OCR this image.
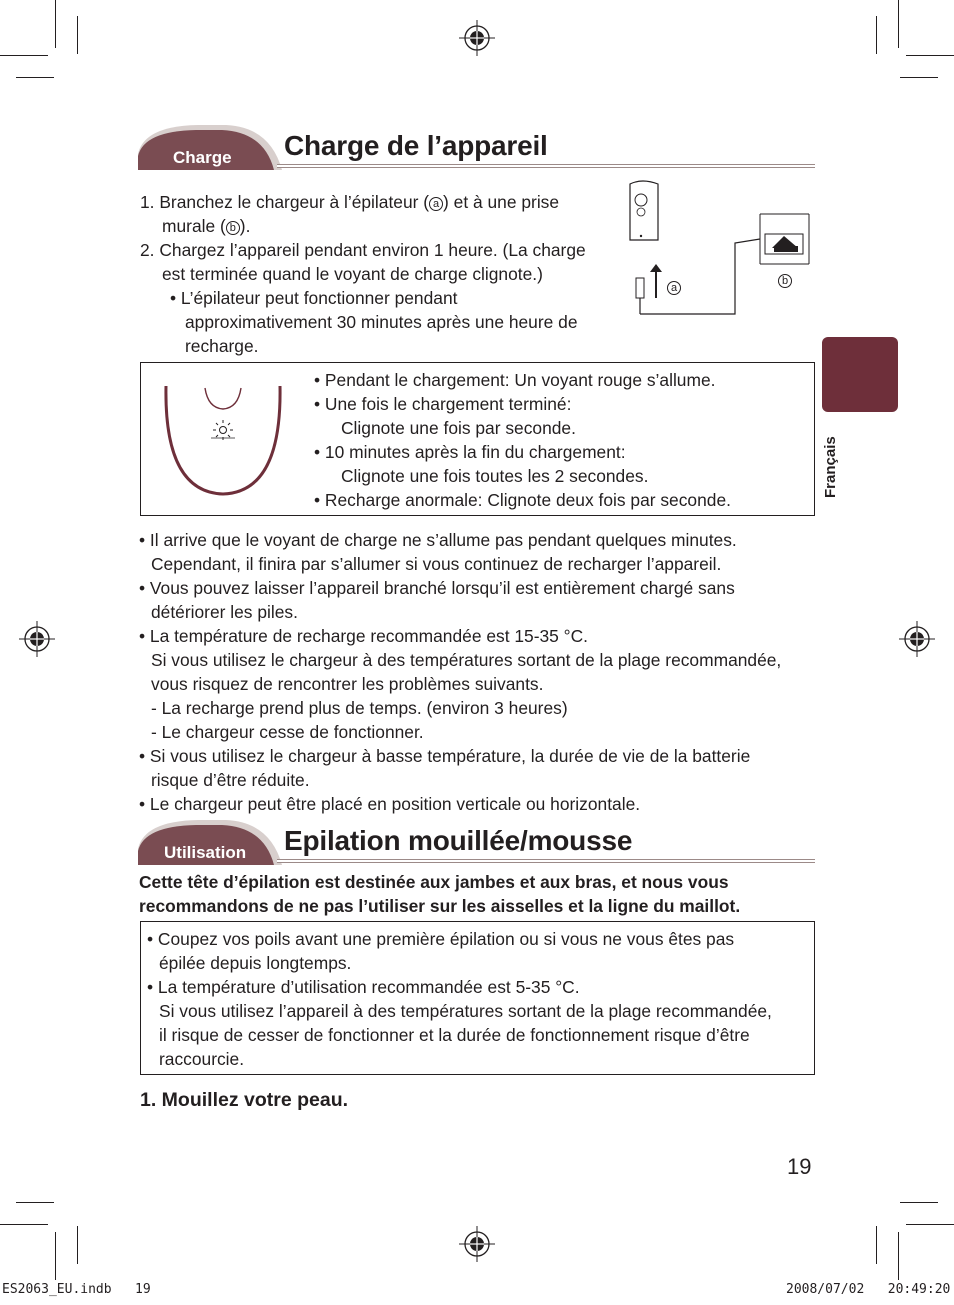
Charge Charge de l’appareil
1. Branchez le chargeur à l’épilateur ( a ) et à une prise
murale ( b ).
2. Chargez l’appareil pendant environ 1 heure. (La charge
est terminée quand le voyant de charge clignote.)
• L’épilateur peut fonctionner pendant
approximativement 30 minutes après une heure de
recharge.
a
b
• Pendant le chargement: Un voyant rouge s’allume.
• Une fois le chargement terminé:
Clignote une fois par seconde.
• 10 minutes après la fin du chargement:
Clignote une fois toutes les 2 secondes.
• Recharge anormale: Clignote deux fois par seconde.
• Il arrive que le voyant de charge ne s’allume pas pendant quelques minutes.
Cependant, il finira par s’allumer si vous continuez de recharger l’appareil.
• Vous pouvez laisser l’appareil branché lorsqu’il est entièrement chargé sans
détériorer les piles.
• La température de recharge recommandée est 15-35 °C.
Si vous utilisez le chargeur à des températures sortant de la plage recommandée,
vous risquez de rencontrer les problèmes suivants.
- La recharge prend plus de temps. (environ 3 heures)
- Le chargeur cesse de fonctionner.
• Si vous utilisez le chargeur à basse température, la durée de vie de la batterie
risque d’être réduite.
• Le chargeur peut être placé en position verticale ou horizontale.
Utilisation Epilation mouillée/mousse
Cette tête d’épilation est destinée aux jambes et aux bras, et nous vous
recommandons de ne pas l’utiliser sur les aisselles et la ligne du maillot.
• Coupez vos poils avant une première épilation ou si vous ne vous êtes pas
épilée depuis longtemps.
• La température d’utilisation recommandée est 5-35 °C.
Si vous utilisez l’appareil à des températures sortant de la plage recommandée,
il risque de cesser de fonctionner et la durée de fonctionnement risque d’être
raccourcie.
1. Mouillez votre peau.
Français
19
ES2063_EU.indb   19	2008/07/02   20:49:20
